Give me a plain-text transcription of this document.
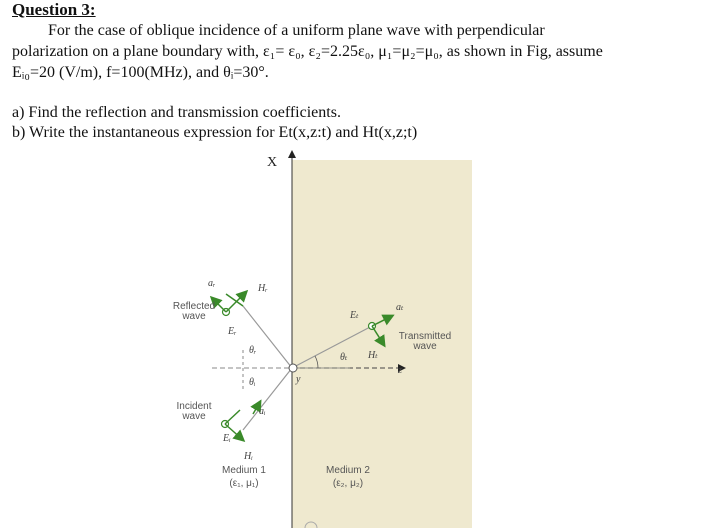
Question 3:
For the case of oblique incidence of a uniform plane wave with perpendicular
polarization on a plane boundary with, ε₁= ε₀, ε₂=2.25ε₀, μ₁=μ₂=μ₀, as shown in Fig, assume
Eᵢ₀=20 (V/m), f=100(MHz), and θᵢ=30°.
a) Find the reflection and transmission coefficients.
b) Write the instantaneous expression for Et(x,z:t) and Ht(x,z;t)
X
Reflected
wave
Incident
wave
Transmitted
wave
Medium 1
(ε₁, μ₁)
Medium 2
(ε₂, μ₂)
aᵣ	Hᵣ
Eᵣ
θᵣ
θᵢ
aᵢ
Eᵢ
Hᵢ
Eₜ
aₜ
θₜ Hₜ
z
y
